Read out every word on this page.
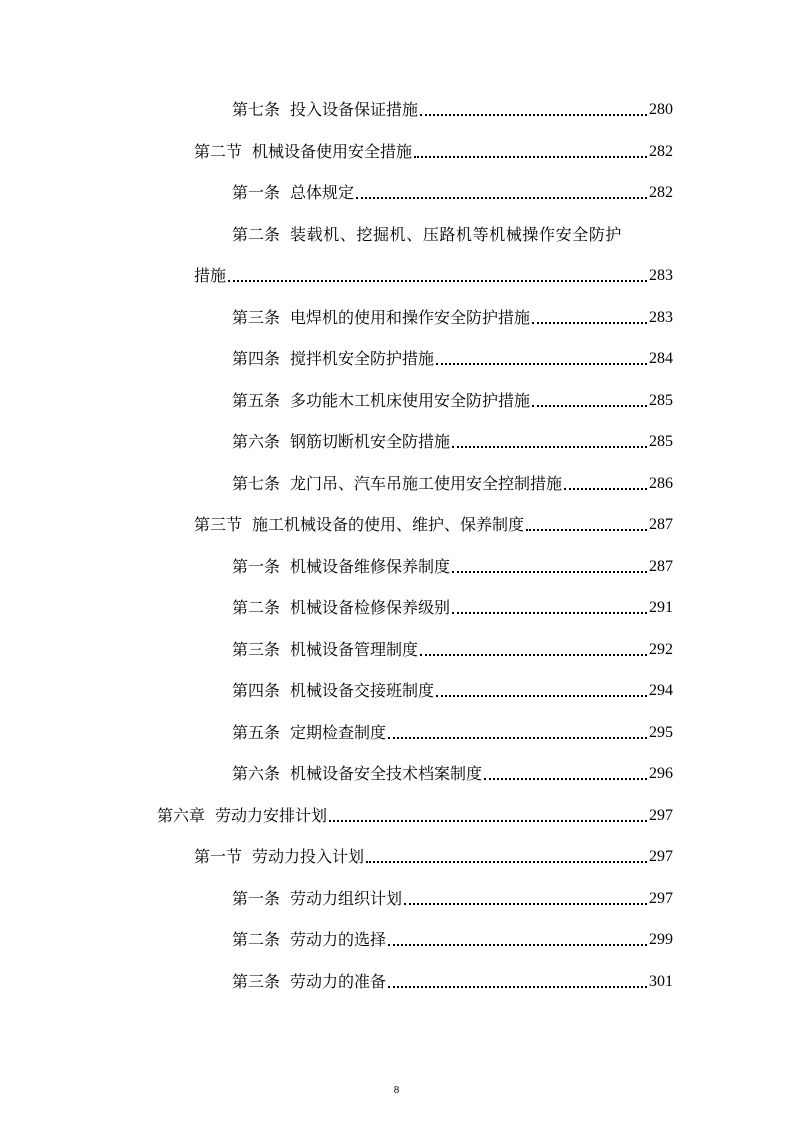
第七条 投入设备保证措施	280
第二节 机械设备使用安全措施	282
第一条 总体规定	282
第二条 装载机、挖掘机、压路机等机械操作安全防护
措施	283
第三条 电焊机的使用和操作安全防护措施	283
第四条 搅拌机安全防护措施	284
第五条 多功能木工机床使用安全防护措施	285
第六条 钢筋切断机安全防措施	285
第七条 龙门吊、汽车吊施工使用安全控制措施	286
第三节 施工机械设备的使用、维护、保养制度	287
第一条 机械设备维修保养制度	287
第二条 机械设备检修保养级别	291
第三条 机械设备管理制度	292
第四条 机械设备交接班制度	294
第五条 定期检查制度	295
第六条 机械设备安全技术档案制度	296
第六章 劳动力安排计划	297
第一节 劳动力投入计划	297
第一条 劳动力组织计划	297
第二条 劳动力的选择	299
第三条 劳动力的准备	301
8
